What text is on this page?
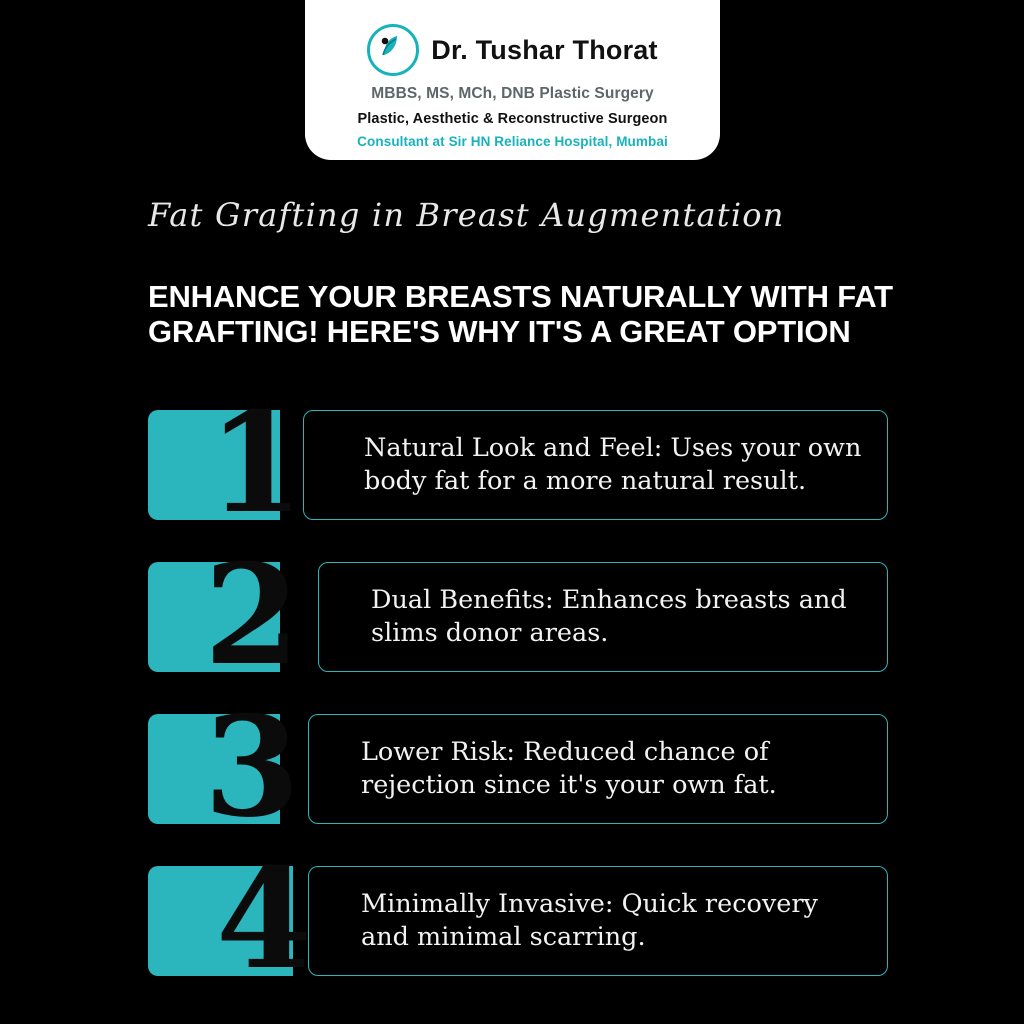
Dr. Tushar Thorat
MBBS, MS, MCh, DNB Plastic Surgery
Plastic, Aesthetic & Reconstructive Surgeon
Consultant at Sir HN Reliance Hospital, Mumbai
Fat Grafting in Breast Augmentation
ENHANCE YOUR BREASTS NATURALLY WITH FAT GRAFTING! HERE'S WHY IT'S A GREAT OPTION
1	Natural Look and Feel: Uses your own body fat for a more natural result.
2	Dual Benefits: Enhances breasts and slims donor areas.
3	Lower Risk: Reduced chance of rejection since it's your own fat.
4 Minimally Invasive: Quick recovery and minimal scarring.
